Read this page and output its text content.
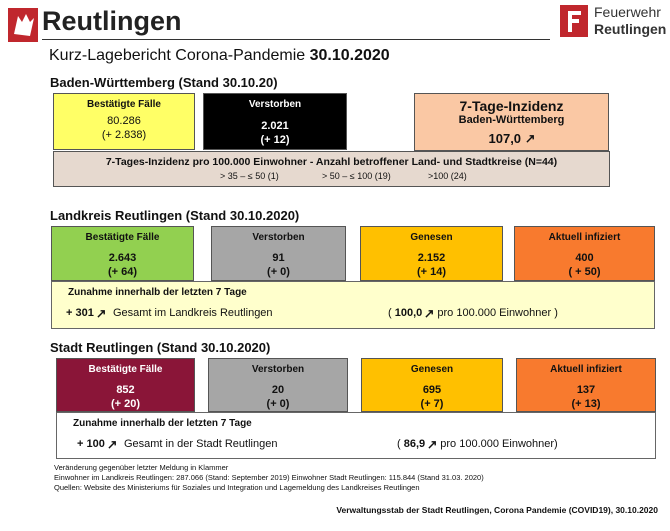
Reutlingen	Feuerwehr
Reutlingen
Kurz-Lagebericht Corona-Pandemie 30.10.2020
Baden-Württemberg (Stand 30.10.20)
Bestätigte Fälle
80.286
(+ 2.838)
Verstorben
2.021
(+ 12)
7-Tage-Inzidenz
Baden-Württemberg
107,0
7-Tages-Inzidenz pro 100.000 Einwohner - Anzahl betroffener Land- und Stadtkreise (N=44)
> 35 – ≤ 50 (1)	> 50 – ≤ 100 (19)	>100 (24)
Landkreis Reutlingen (Stand 30.10.2020)
Bestätigte Fälle
2.643
(+ 64)
Verstorben
91
(+ 0)
Genesen
2.152
(+ 14)
Aktuell infiziert
400
( + 50)
Zunahme innerhalb der letzten 7 Tage
+ 301 Gesamt im Landkreis Reutlingen	( 100,0 pro 100.000 Einwohner )
Stadt Reutlingen (Stand 30.10.2020)
Bestätigte Fälle
852
(+ 20)
Verstorben
20
(+ 0)
Genesen
695
(+ 7)
Aktuell infiziert
137
(+ 13)
Zunahme innerhalb der letzten 7 Tage
+ 100 Gesamt in der Stadt Reutlingen	( 86,9 pro 100.000 Einwohner)
Veränderung gegenüber letzter Meldung in Klammer
Einwohner im Landkreis Reutlingen: 287.066 (Stand: September 2019) Einwohner Stadt Reutlingen: 115.844 (Stand 31.03. 2020)
Quellen: Website des Ministeriums für Soziales und Integration und Lagemeldung des Landkreises Reutlingen
Verwaltungsstab der Stadt Reutlingen, Corona Pandemie (COVID19), 30.10.2020
